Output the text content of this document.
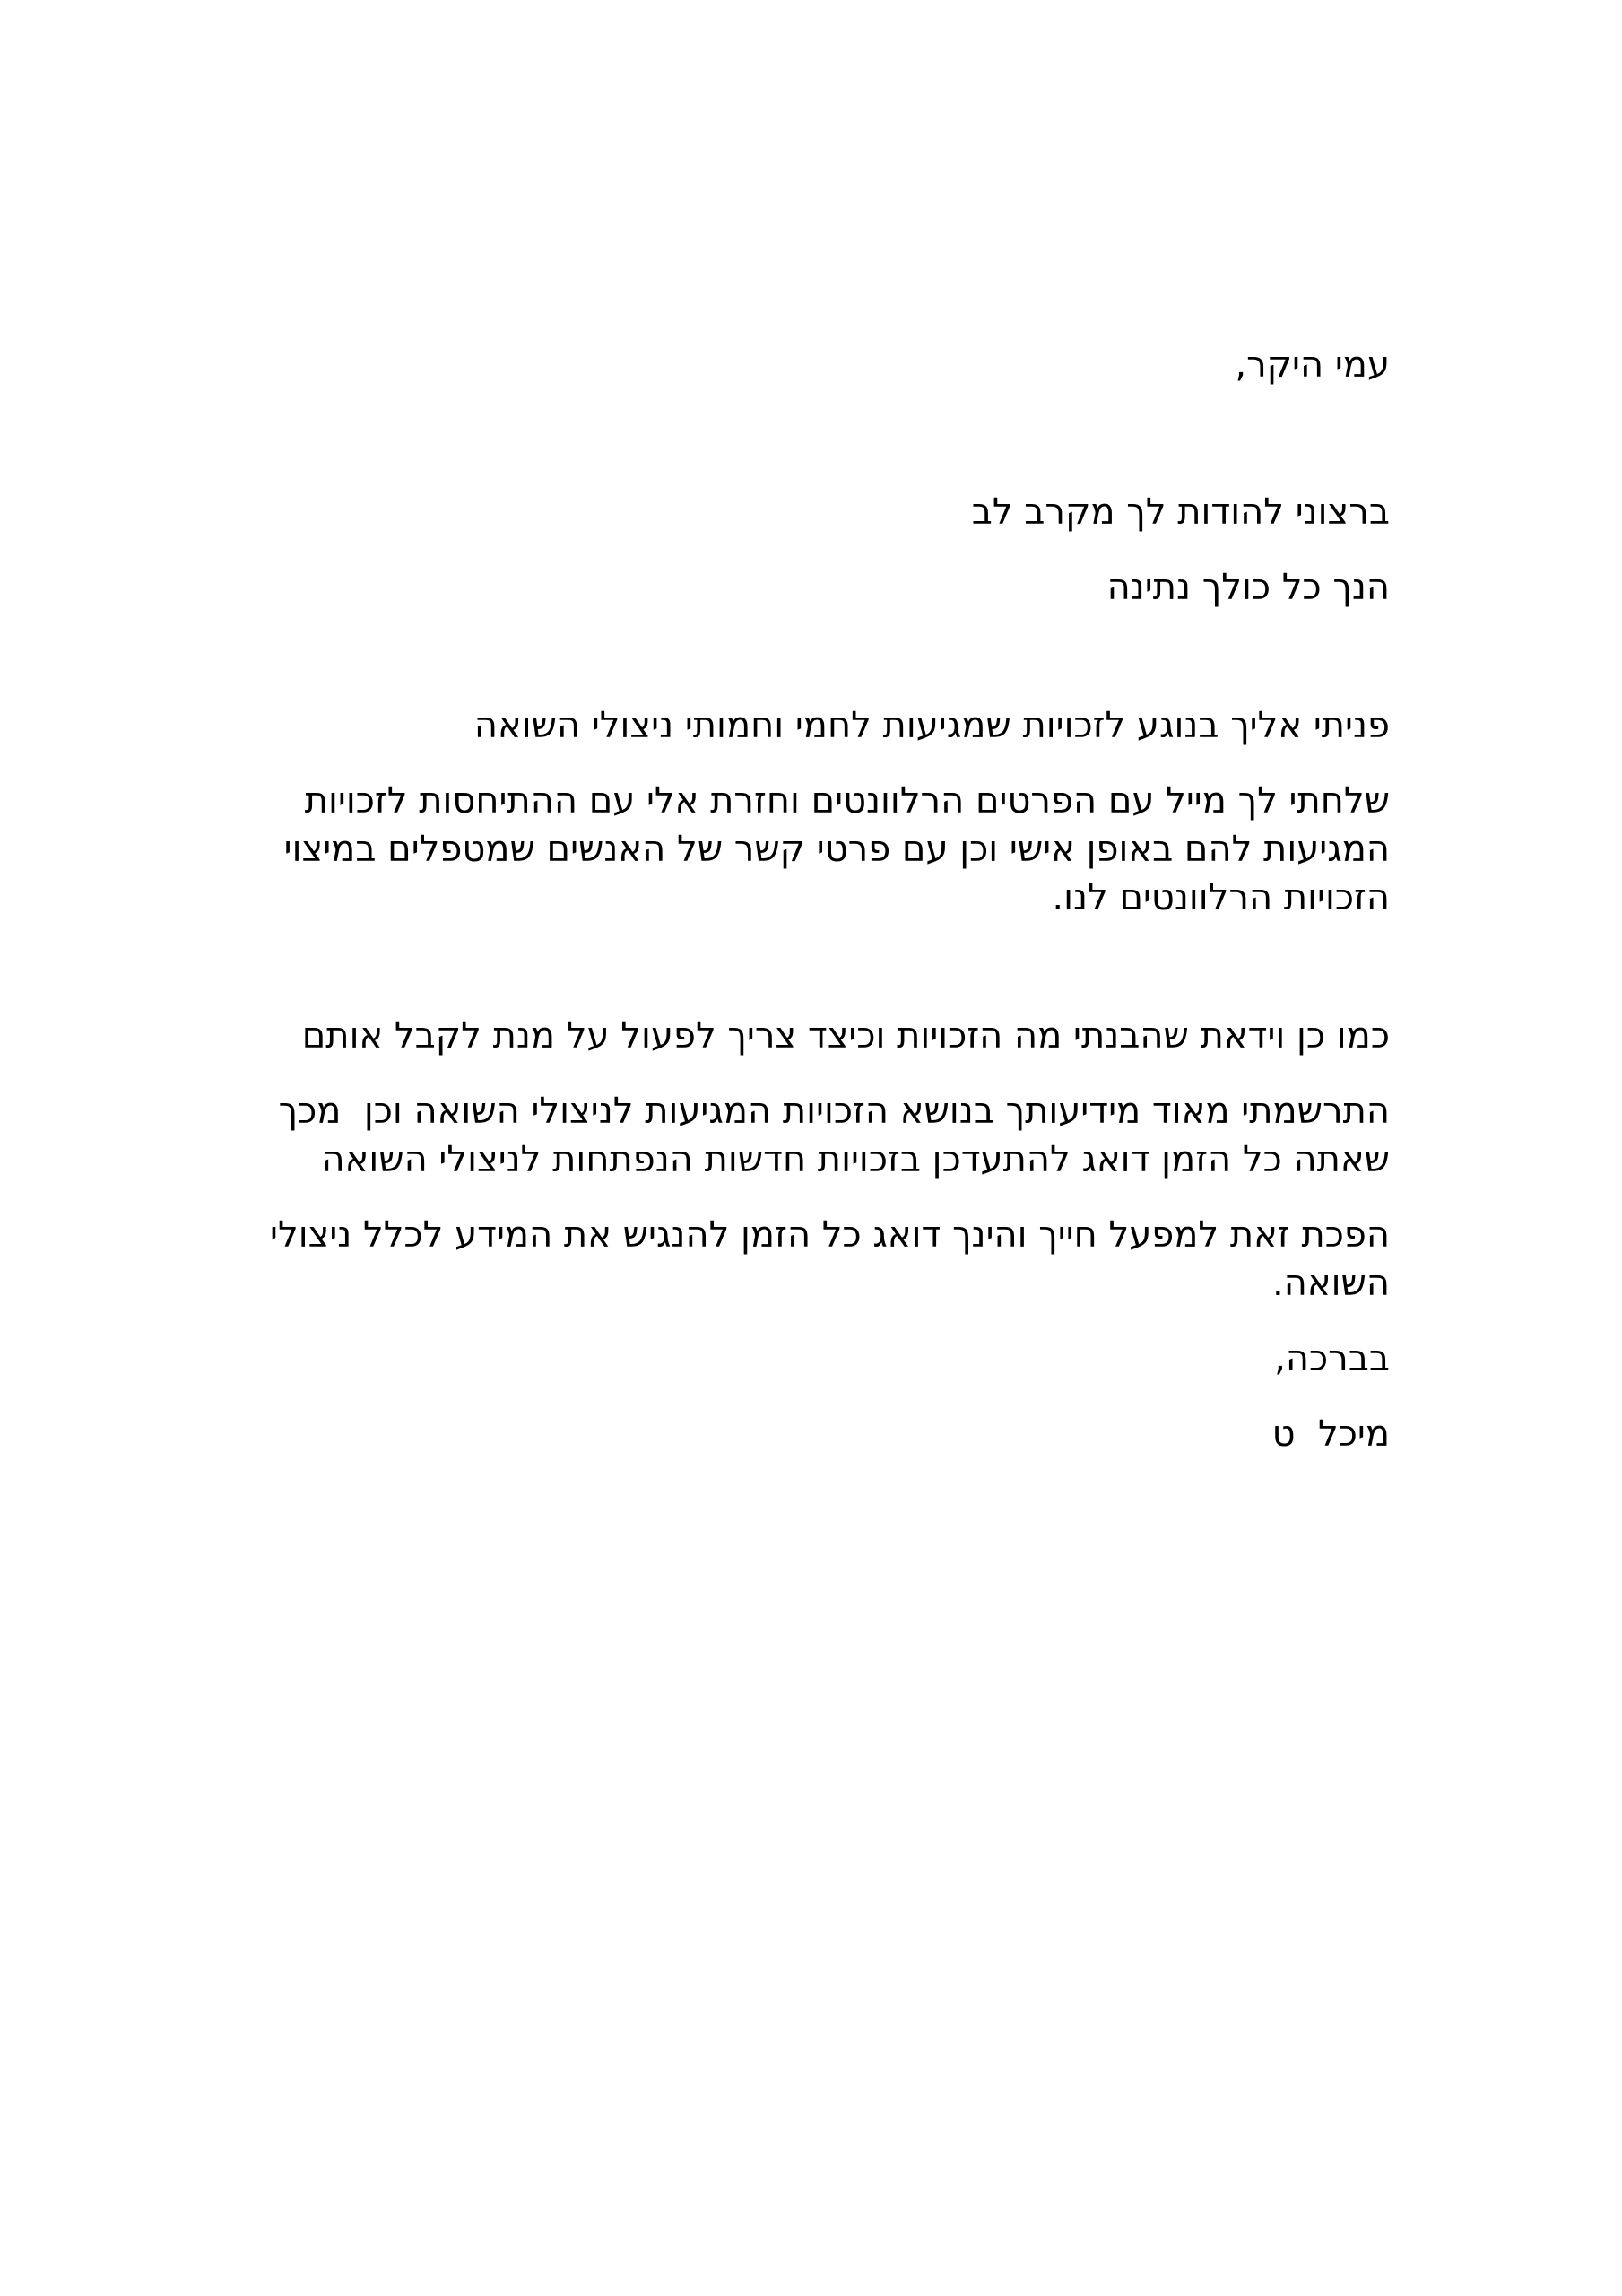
עמי היקר,

ברצוני להודות לך מקרב לב

הנך כל כולך נתינה

פניתי אליך בנוגע לזכויות שמגיעות לחמי וחמותי ניצולי השואה

שלחתי לך מייל עם הפרטים הרלוונטים וחזרת אלי עם ההתיחסות לזכויות המגיעות להם באופן אישי וכן עם פרטי קשר של האנשים שמטפלים במיצוי הזכויות הרלוונטים לנו.

כמו כן וידאת שהבנתי מה הזכויות וכיצד צריך לפעול על מנת לקבל אותם

התרשמתי מאוד מידיעותך בנושא הזכויות המגיעות לניצולי השואה וכן  מכך שאתה כל הזמן דואג להתעדכן בזכויות חדשות הנפתחות לניצולי השואה

הפכת זאת למפעל חייך והינך דואג כל הזמן להנגיש את המידע לכלל ניצולי השואה.

בברכה,

מיכל  ט
